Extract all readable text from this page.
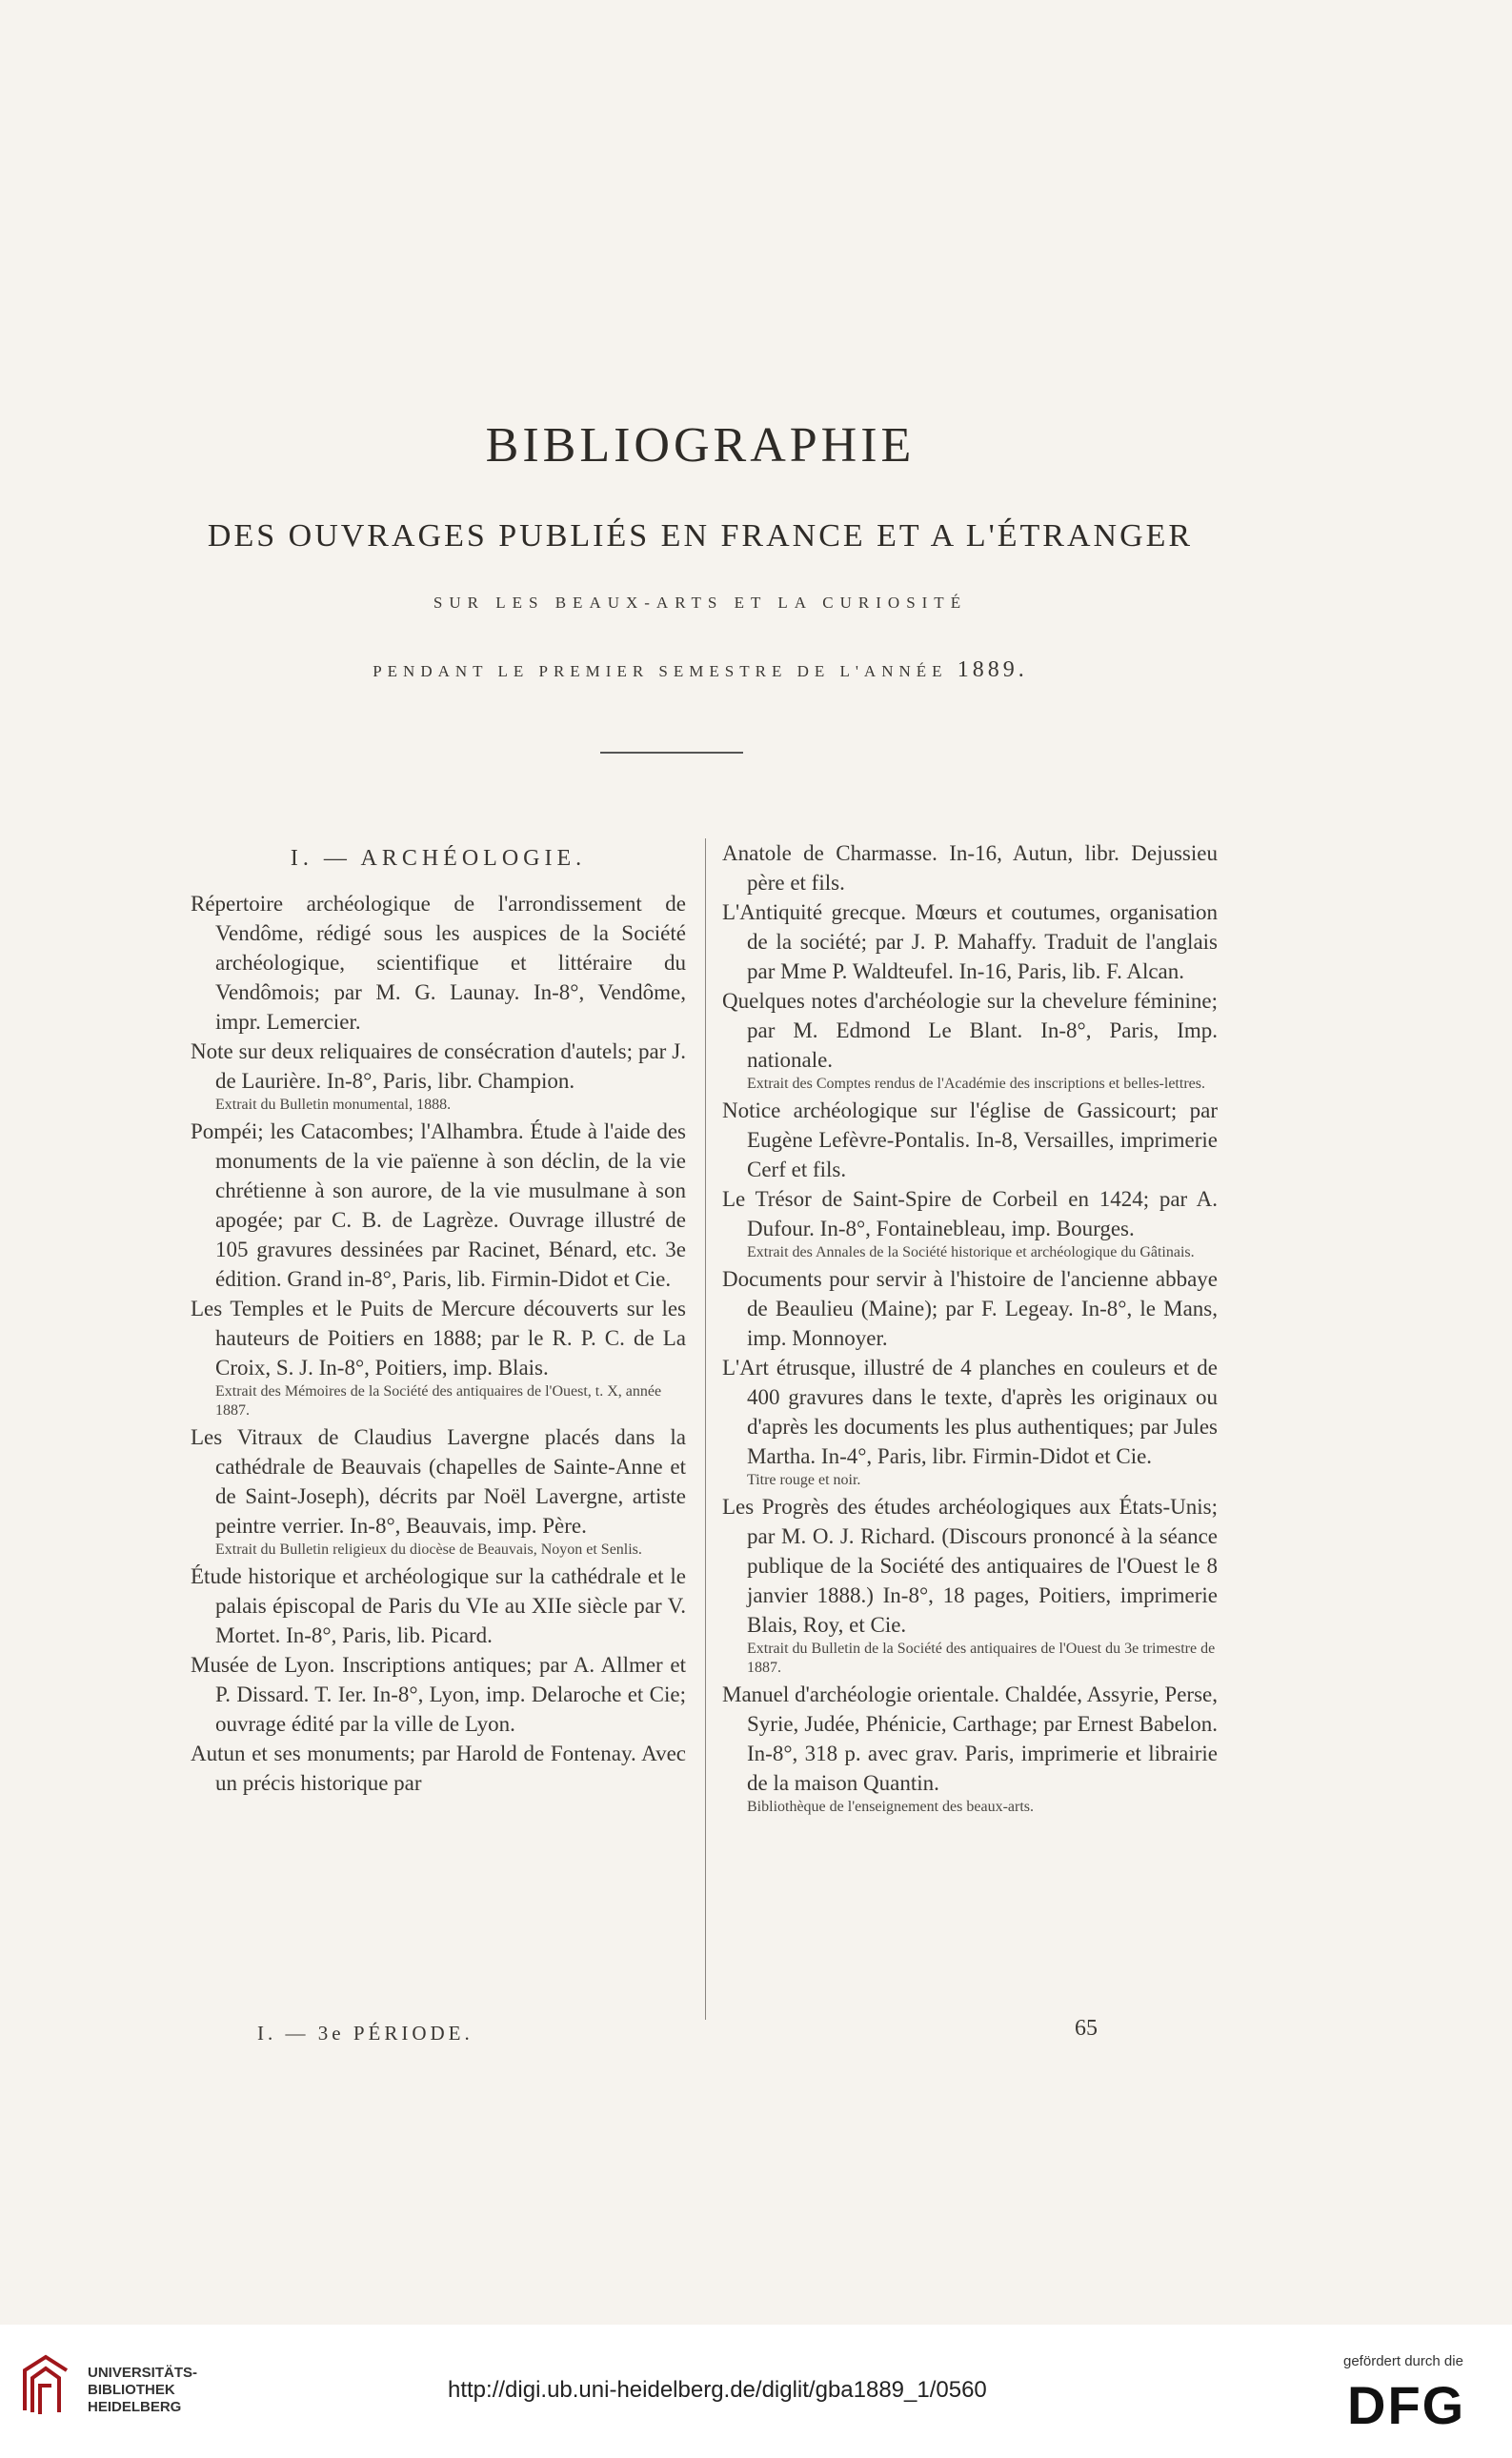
BIBLIOGRAPHIE
DES OUVRAGES PUBLIÉS EN FRANCE ET A L'ÉTRANGER
SUR LES BEAUX-ARTS ET LA CURIOSITÉ
PENDANT LE PREMIER SEMESTRE DE L'ANNÉE 1889.
I. — ARCHÉOLOGIE.

Répertoire archéologique de l'arrondissement de Vendôme, rédigé sous les auspices de la Société archéologique, scientifique et littéraire du Vendômois; par M. G. Launay. In-8°, Vendôme, impr. Lemercier.

Note sur deux reliquaires de consécration d'autels; par J. de Laurière. In-8°, Paris, libr. Champion.

Extrait du Bulletin monumental, 1888.

Pompéi; les Catacombes; l'Alhambra. Étude à l'aide des monuments de la vie païenne à son déclin, de la vie chrétienne à son aurore, de la vie musulmane à son apogée; par C. B. de Lagrèze. Ouvrage illustré de 105 gravures dessinées par Racinet, Bénard, etc. 3e édition. Grand in-8°, Paris, lib. Firmin-Didot et Cie.

Les Temples et le Puits de Mercure découverts sur les hauteurs de Poitiers en 1888; par le R. P. C. de La Croix, S. J. In-8°, Poitiers, imp. Blais.

Extrait des Mémoires de la Société des antiquaires de l'Ouest, t. X, année 1887.

Les Vitraux de Claudius Lavergne placés dans la cathédrale de Beauvais (chapelles de Sainte-Anne et de Saint-Joseph), décrits par Noël Lavergne, artiste peintre verrier. In-8°, Beauvais, imp. Père.

Extrait du Bulletin religieux du diocèse de Beauvais, Noyon et Senlis.

Étude historique et archéologique sur la cathédrale et le palais épiscopal de Paris du VIe au XIIe siècle par V. Mortet. In-8°, Paris, lib. Picard.

Musée de Lyon. Inscriptions antiques; par A. Allmer et P. Dissard. T. Ier. In-8°, Lyon, imp. Delaroche et Cie; ouvrage édité par la ville de Lyon.

Autun et ses monuments; par Harold de Fontenay. Avec un précis historique par

Anatole de Charmasse. In-16, Autun, libr. Dejussieu père et fils.

L'Antiquité grecque. Mœurs et coutumes, organisation de la société; par J. P. Mahaffy. Traduit de l'anglais par Mme P. Waldteufel. In-16, Paris, lib. F. Alcan.

Quelques notes d'archéologie sur la chevelure féminine; par M. Edmond Le Blant. In-8°, Paris, Imp. nationale.

Extrait des Comptes rendus de l'Académie des inscriptions et belles-lettres.

Notice archéologique sur l'église de Gassicourt; par Eugène Lefèvre-Pontalis. In-8, Versailles, imprimerie Cerf et fils.

Le Trésor de Saint-Spire de Corbeil en 1424; par A. Dufour. In-8°, Fontainebleau, imp. Bourges.

Extrait des Annales de la Société historique et archéologique du Gâtinais.

Documents pour servir à l'histoire de l'ancienne abbaye de Beaulieu (Maine); par F. Legeay. In-8°, le Mans, imp. Monnoyer.

L'Art étrusque, illustré de 4 planches en couleurs et de 400 gravures dans le texte, d'après les originaux ou d'après les documents les plus authentiques; par Jules Martha. In-4°, Paris, libr. Firmin-Didot et Cie.

Titre rouge et noir.

Les Progrès des études archéologiques aux États-Unis; par M. O. J. Richard. (Discours prononcé à la séance publique de la Société des antiquaires de l'Ouest le 8 janvier 1888.) In-8°, 18 pages, Poitiers, imprimerie Blais, Roy, et Cie.

Extrait du Bulletin de la Société des antiquaires de l'Ouest du 3e trimestre de 1887.

Manuel d'archéologie orientale. Chaldée, Assyrie, Perse, Syrie, Judée, Phénicie, Carthage; par Ernest Babelon. In-8°, 318 p. avec grav. Paris, imprimerie et librairie de la maison Quantin.

Bibliothèque de l'enseignement des beaux-arts.

I. — 3e PÉRIODE.	65
UNIVERSITÄTS-
BIBLIOTHEK
HEIDELBERG
http://digi.ub.uni-heidelberg.de/diglit/gba1889_1/0560
gefördert durch die
DFG
